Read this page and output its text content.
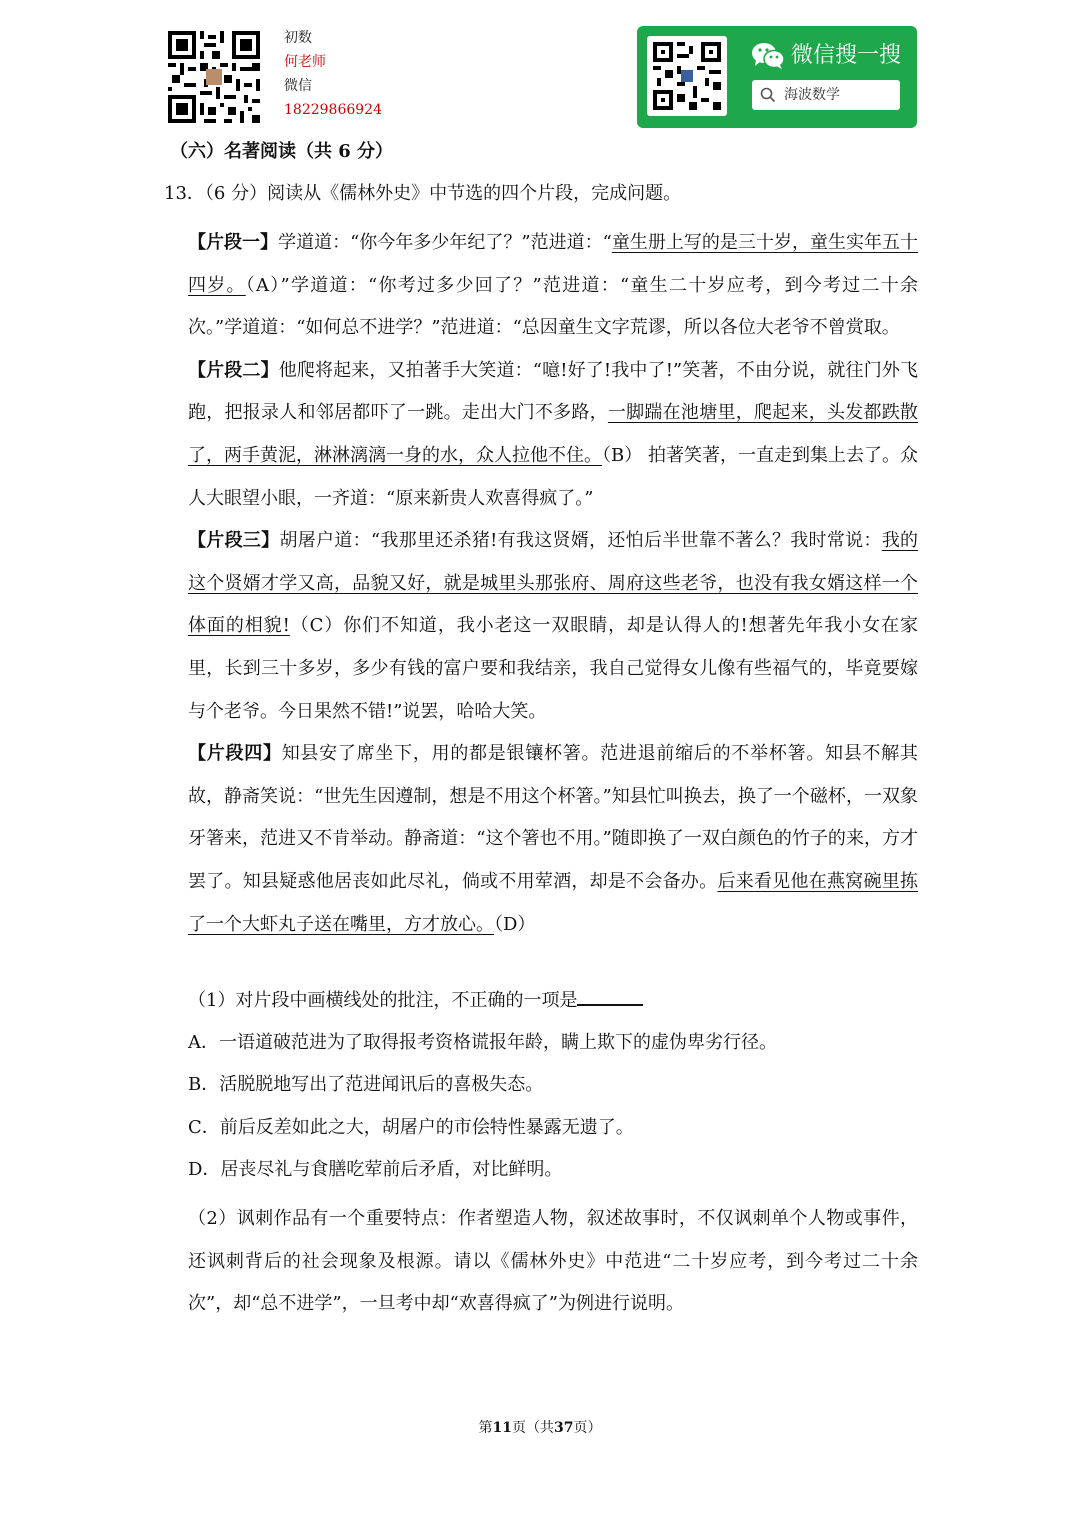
初数
何老师
微信
18229866924
微信搜一搜
海波数学
（六）名著阅读（共 6 分）
13．（6 分）阅读从《儒林外史》中节选的四个片段，完成问题。

【片段一】学道道：“你今年多少年纪了？”范进道：“童生册上写的是三十岁，童生实年五十四岁。（A）”学道道：“你考过多少回了？”范进道：“童生二十岁应考，到今考过二十余次。”学道道：“如何总不进学？”范进道：“总因童生文字荒谬，所以各位大老爷不曾赏取。

【片段二】他爬将起来，又拍著手大笑道：“噫!好了!我中了!”笑著，不由分说，就往门外飞跑，把报录人和邻居都吓了一跳。走出大门不多路，一脚踹在池塘里，爬起来，头发都跌散了，两手黄泥，淋淋漓漓一身的水，众人拉他不住。（B） 拍著笑著，一直走到集上去了。众人大眼望小眼，一齐道：“原来新贵人欢喜得疯了。”

【片段三】胡屠户道：“我那里还杀猪!有我这贤婿，还怕后半世靠不著么？我时常说：我的这个贤婿才学又高，品貌又好，就是城里头那张府、周府这些老爷，也没有我女婿这样一个体面的相貌!（C）你们不知道，我小老这一双眼睛，却是认得人的!想著先年我小女在家里，长到三十多岁，多少有钱的富户要和我结亲，我自己觉得女儿像有些福气的，毕竟要嫁与个老爷。今日果然不错!”说罢，哈哈大笑。

【片段四】知县安了席坐下，用的都是银镶杯箸。范进退前缩后的不举杯箸。知县不解其故，静斋笑说：“世先生因遵制，想是不用这个杯箸。”知县忙叫换去，换了一个磁杯，一双象牙箸来，范进又不肯举动。静斋道：“这个箸也不用。”随即换了一双白颜色的竹子的来，方才罢了。知县疑惑他居丧如此尽礼，倘或不用荤酒，却是不会备办。后来看见他在燕窝碗里拣了一个大虾丸子送在嘴里，方才放心。（D）

（1）对片段中画横线处的批注，不正确的一项是
A．一语道破范进为了取得报考资格谎报年龄，瞒上欺下的虚伪卑劣行径。
B．活脱脱地写出了范进闻讯后的喜极失态。
C．前后反差如此之大，胡屠户的市侩特性暴露无遗了。
D．居丧尽礼与食膳吃荤前后矛盾，对比鲜明。
（2）讽刺作品有一个重要特点：作者塑造人物，叙述故事时，不仅讽刺单个人物或事件，还讽刺背后的社会现象及根源。请以《儒林外史》中范进“二十岁应考，到今考过二十余次”，却“总不进学”，一旦考中却“欢喜得疯了”为例进行说明。
第11页（共37页）
